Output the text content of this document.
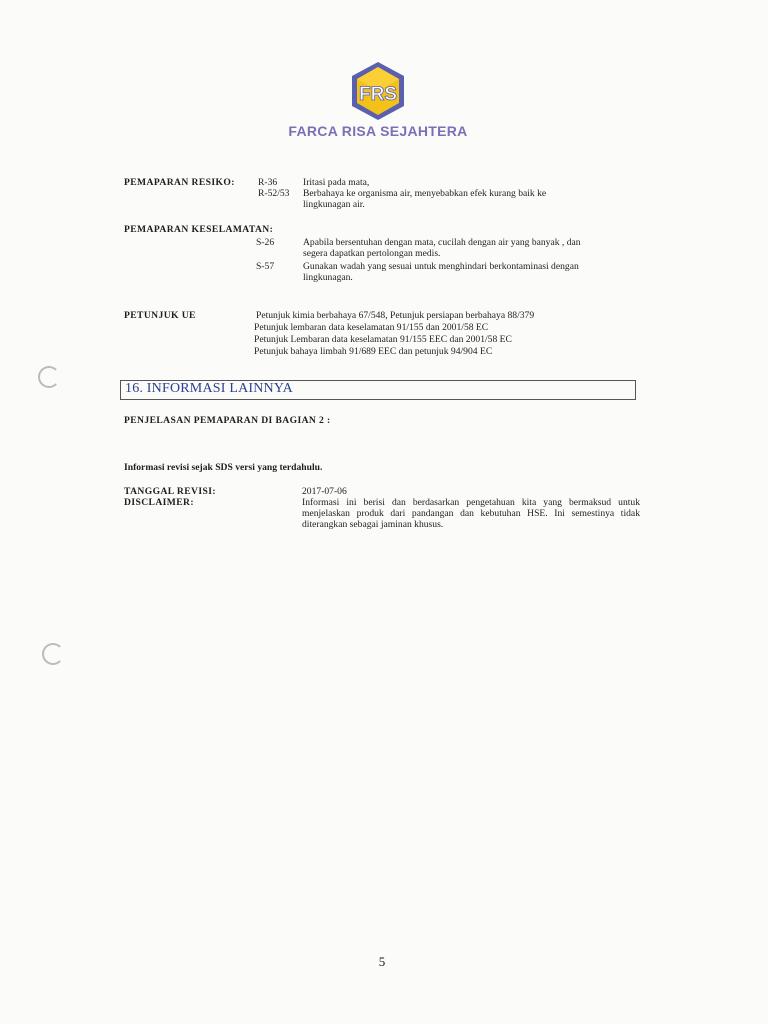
FRS
FARCA RISA SEJAHTERA
PEMAPARAN RESIKO: R-36	Iritasi pada mata,
R-52/53 Berbahaya ke organisma air, menyebabkan efek kurang baik ke
lingkunagan air.
PEMAPARAN KESELAMATAN:
S-26	Apabila bersentuhan dengan mata, cucilah dengan air yang banyak , dan
segera dapatkan pertolongan medis.
S-57	Gunakan wadah yang sesuai untuk menghindari berkontaminasi dengan
lingkunagan.
PETUNJUK UE	Petunjuk kimia berbahaya 67/548, Petunjuk persiapan berbahaya 88/379
Petunjuk lembaran data keselamatan 91/155 dan 2001/58 EC
Petunjuk Lembaran data keselamatan 91/155 EEC dan 2001/58 EC
Petunjuk bahaya limbah 91/689 EEC dan petunjuk 94/904 EC
16. INFORMASI LAINNYA
PENJELASAN PEMAPARAN DI BAGIAN 2 :
Informasi revisi sejak SDS versi yang terdahulu.
TANGGAL REVISI:	2017-07-06
DISCLAIMER:	Informasi ini berisi dan berdasarkan pengetahuan kita yang bermaksud untuk menjelaskan produk dari pandangan dan kebutuhan HSE. Ini semestinya tidak diterangkan sebagai jaminan khusus.
5
